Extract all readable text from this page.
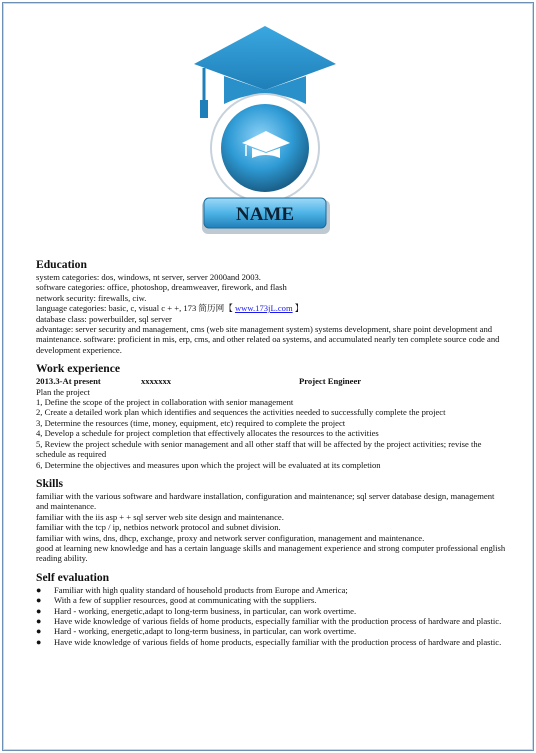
NAME
Education

system categories: dos, windows, nt server, server 2000and 2003.

software categories: office, photoshop, dreamweaver, firework, and flash

network security: firewalls, ciw.

language categories: basic, c, visual c + +, 173 简历网【 www.173jL.com 】

database class: powerbuilder, sql server

advantage: server security and management, cms (web site management system) systems development, share point development and maintenance. software: proficient in mis, erp, cms, and other related oa systems, and accumulated nearly ten complete source code and development experience.

Work experience
2013.3-At present	xxxxxxx	Project Engineer

Plan the project

1, Define the scope of the project in collaboration with senior management

2, Create a detailed work plan which identifies and sequences the activities needed to successfully complete the project

3, Determine the resources (time, money, equipment, etc) required to complete the project

4, Develop a schedule for project completion that effectively allocates the resources to the activities

5, Review the project schedule with senior management and all other staff that will be affected by the project activities; revise the schedule as required

6, Determine the objectives and measures upon which the project will be evaluated at its completion

Skills

familiar with the various software and hardware installation, configuration and maintenance; sql server database design, management and maintenance.

familiar with the iis asp + + sql server web site design and maintenance.

familiar with the tcp / ip, netbios network protocol and subnet division.

familiar with wins, dns, dhcp, exchange, proxy and network server configuration, management and maintenance.

good at learning new knowledge and has a certain language skills and management experience and strong computer professional english reading ability.

Self evaluation
●	Familiar with high quality standard of household products from Europe and America;
●	With a few of supplier resources, good at communicating with the suppliers.
●	Hard - working, energetic,adapt to long-term business, in particular, can work overtime.
●	Have wide knowledge of various fields of home products, especially familiar with the production process of hardware and plastic.
●	Hard - working, energetic,adapt to long-term business, in particular, can work overtime.
●	Have wide knowledge of various fields of home products, especially familiar with the production process of hardware and plastic.
